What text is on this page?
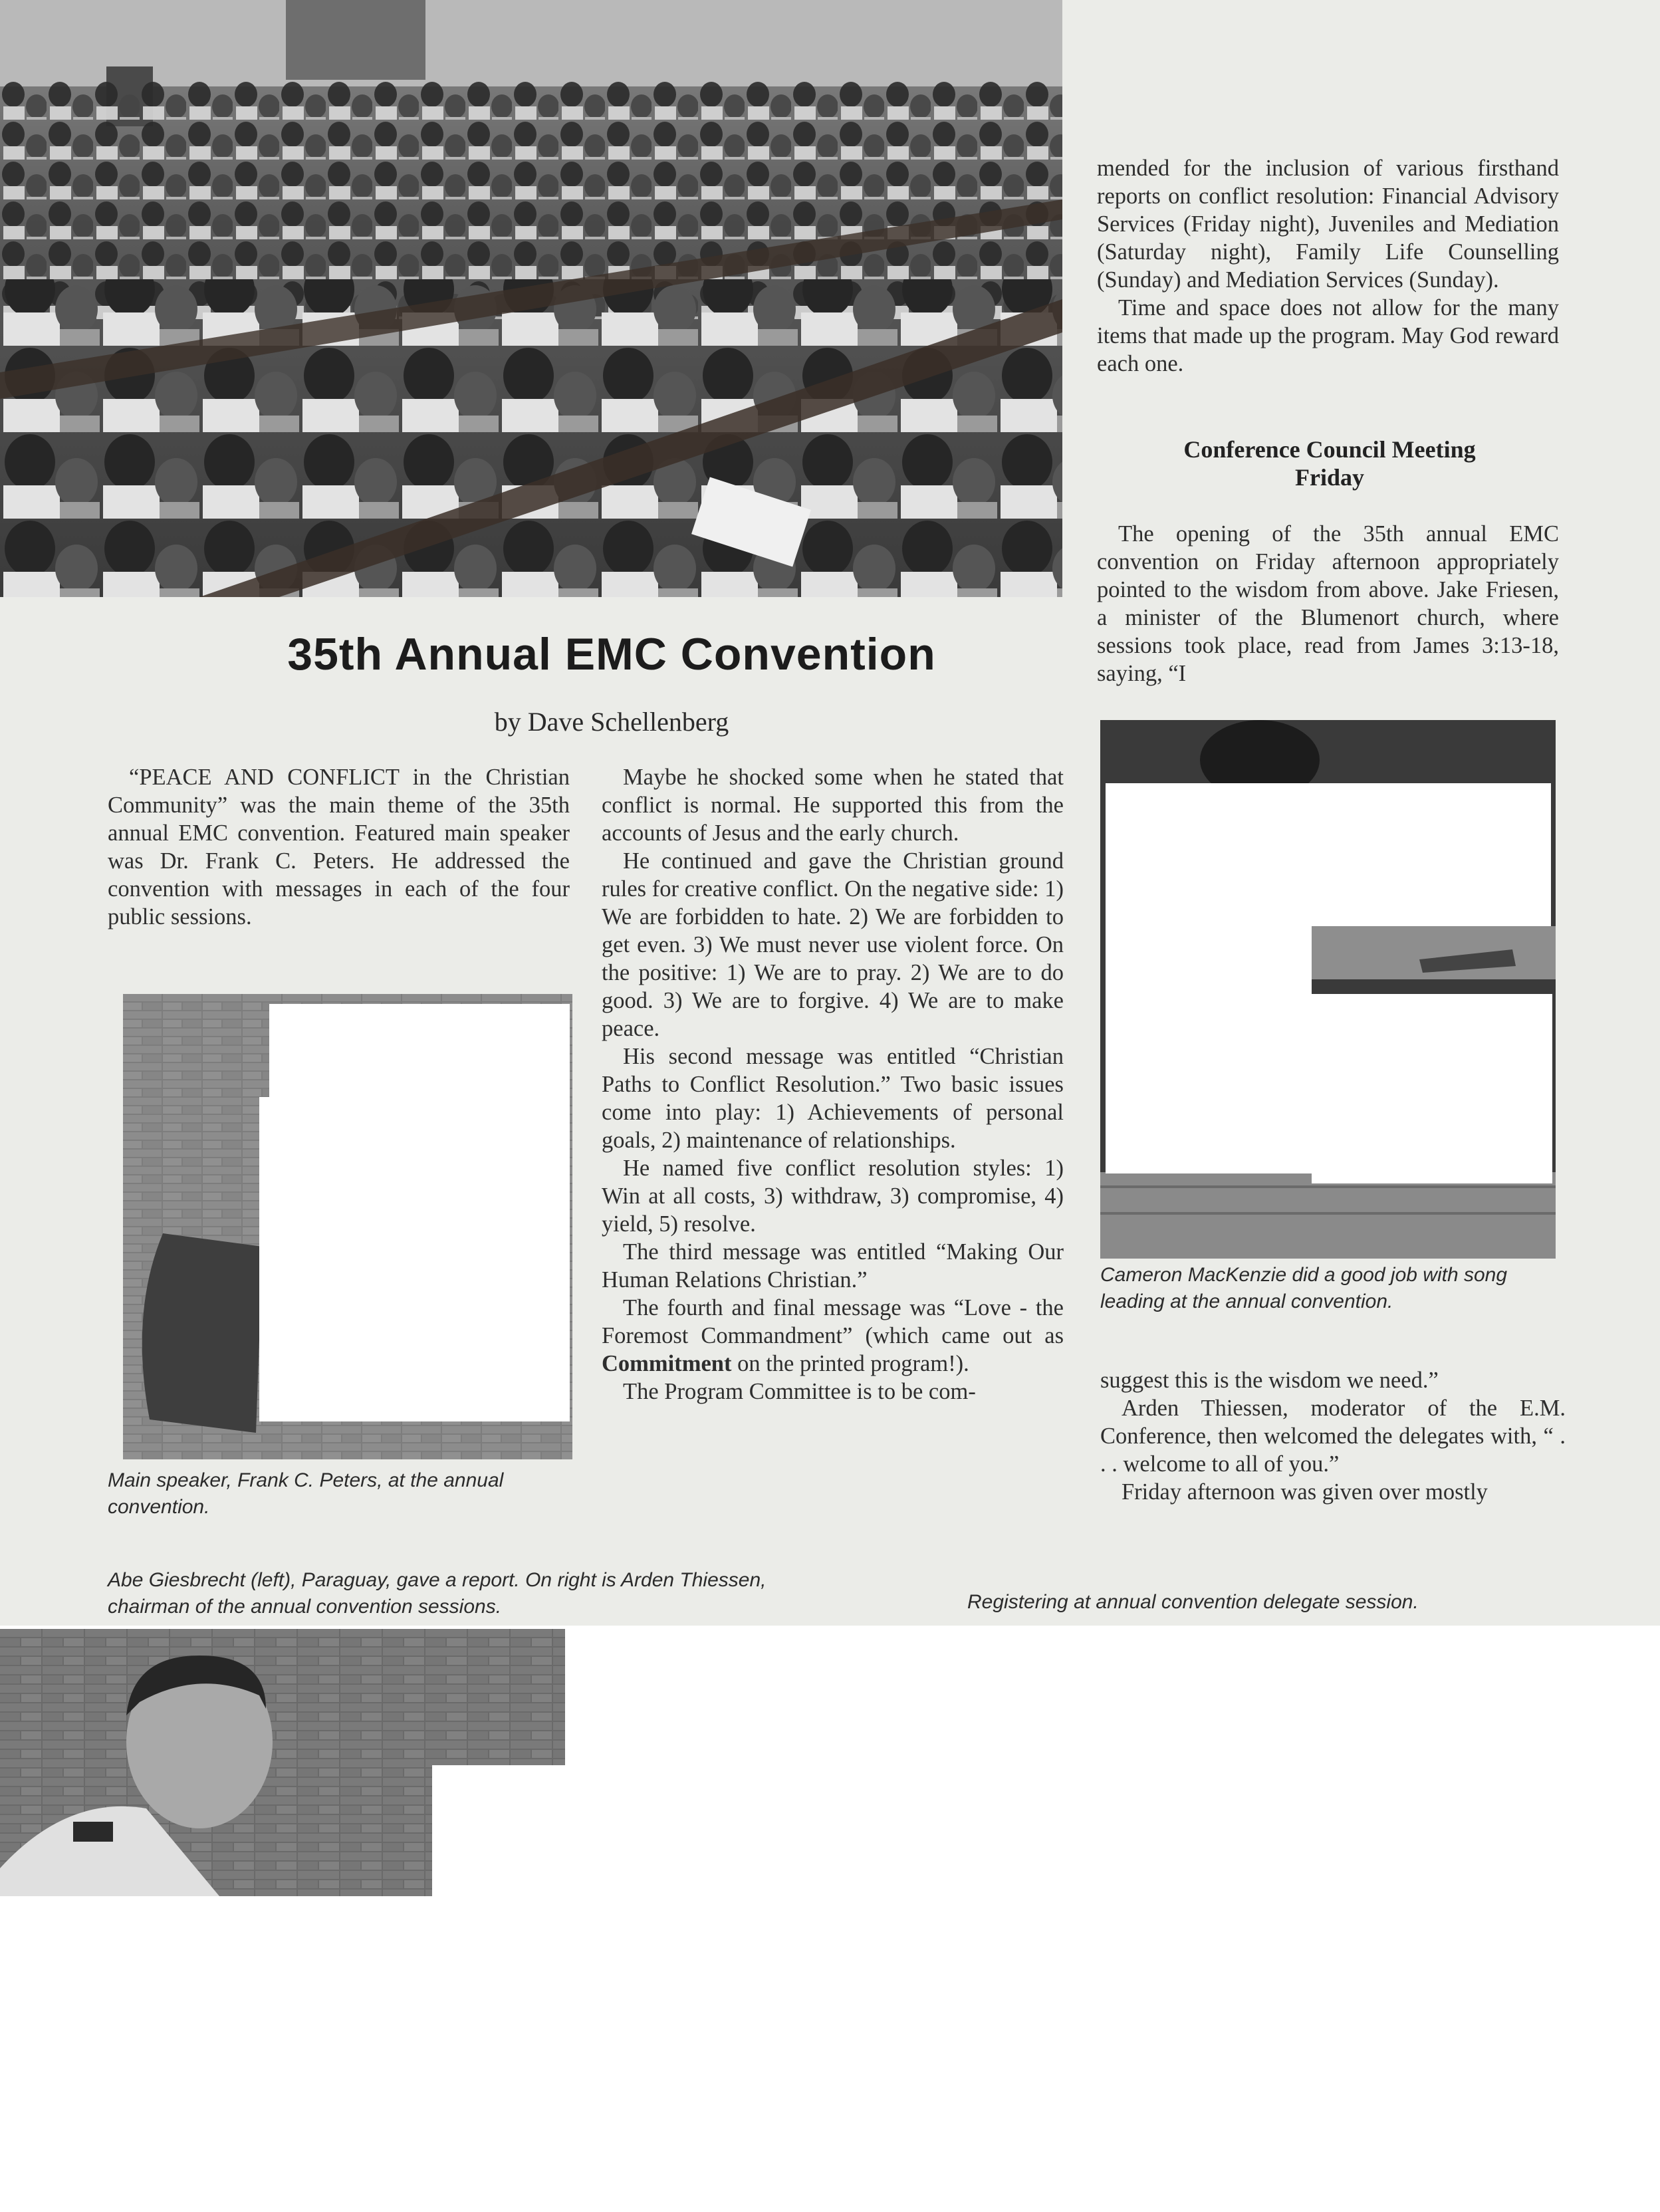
35th Annual EMC Convention
by Dave Schellenberg

“PEACE AND CONFLICT in the Christian Community” was the main theme of the 35th annual EMC convention. Featured main speaker was Dr. Frank C. Peters. He addressed the convention with messages in each of the four public sessions.

Main speaker, Frank C. Peters, at the annual convention.

Maybe he shocked some when he stated that conflict is normal. He supported this from the accounts of Jesus and the early church.

He continued and gave the Christian ground rules for creative conflict. On the negative side: 1) We are forbidden to hate. 2) We are forbidden to get even. 3) We must never use violent force. On the positive: 1) We are to pray. 2) We are to do good. 3) We are to forgive. 4) We are to make peace.

His second message was entitled “Christian Paths to Conflict Resolution.” Two basic issues come into play: 1) Achievements of personal goals, 2) maintenance of relationships.

He named five conflict resolution styles: 1) Win at all costs, 3) withdraw, 3) compromise, 4) yield, 5) resolve.

The third message was entitled “Making Our Human Relations Christian.”

The fourth and final message was “Love - the Foremost Commandment” (which came out as Commitment on the printed program!).

The Program Committee is to be com-

mended for the inclusion of various firsthand reports on conflict resolution: Financial Advisory Services (Friday night), Juveniles and Mediation (Saturday night), Family Life Counselling (Sunday) and Mediation Services (Sunday).

Time and space does not allow for the many items that made up the program. May God reward each one.

Conference Council Meeting
Friday

The opening of the 35th annual EMC convention on Friday afternoon appropriately pointed to the wisdom from above. Jake Friesen, a minister of the Blumenort church, where sessions took place, read from James 3:13-18, saying, “I

Cameron MacKenzie did a good job with song leading at the annual convention.

suggest this is the wisdom we need.”

Arden Thiessen, moderator of the E.M. Conference, then welcomed the delegates with, “ . . . welcome to all of you.”

Friday afternoon was given over mostly

Abe Giesbrecht (left), Paraguay, gave a report. On right is Arden Thiessen, chairman of the annual convention sessions.	Registering at annual convention delegate session.
